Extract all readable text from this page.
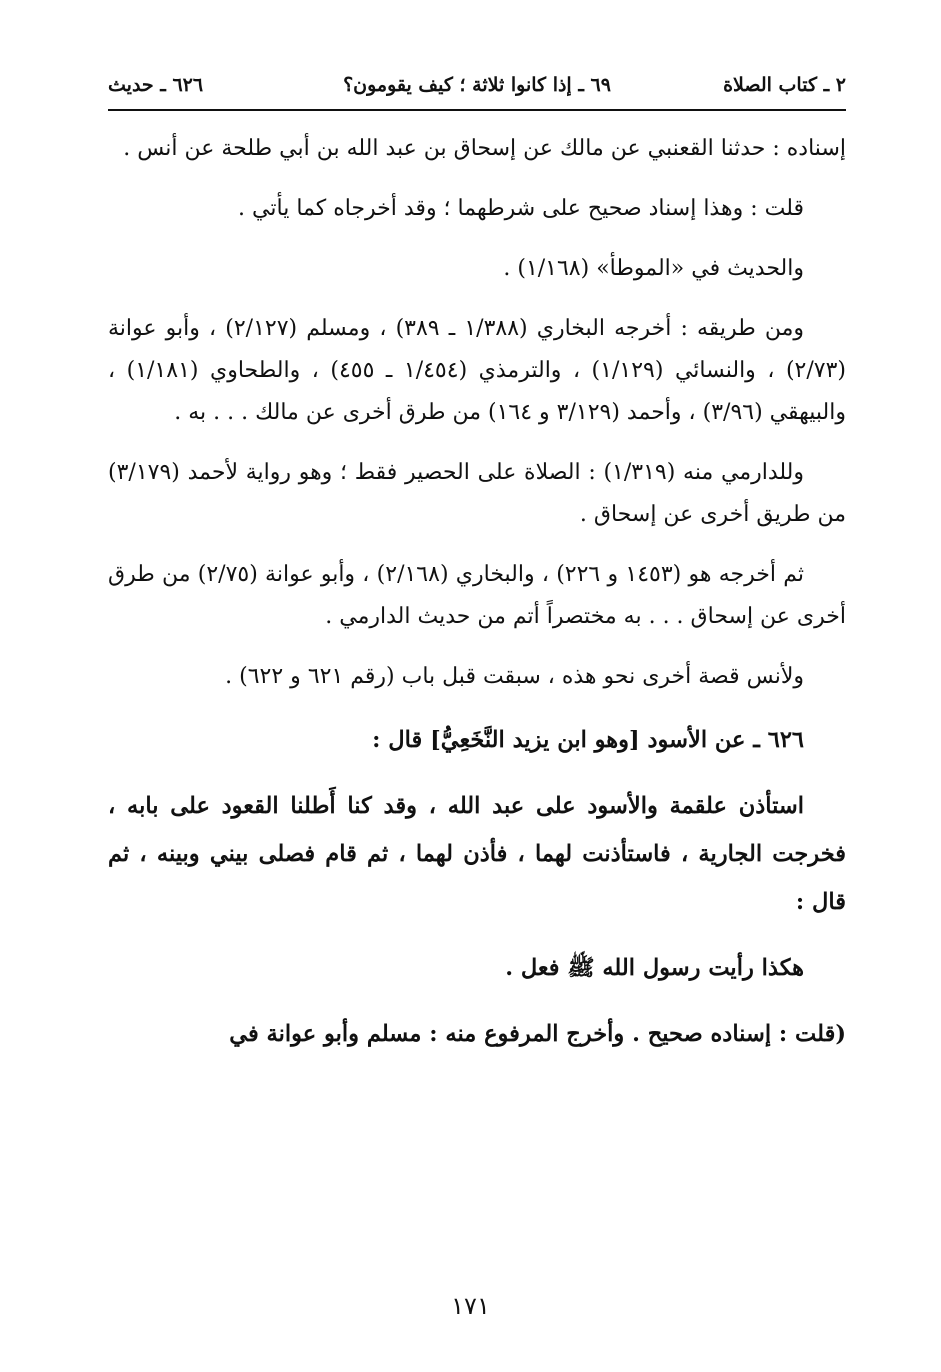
٢ ـ كتاب الصلاة
٦٩ ـ إذا كانوا ثلاثة ؛ كيف يقومون؟
٦٢٦ ـ حديث

إسناده : حدثنا القعنبي عن مالك عن إسحاق بن عبد الله بن أبي طلحة عن أنس .

قلت : وهذا إسناد صحيح على شرطهما ؛ وقد أخرجاه كما يأتي .

والحديث في «الموطأ» (١/١٦٨) .

ومن طريقه : أخرجه البخاري (١/٣٨٨ ـ ٣٨٩) ، ومسلم (٢/١٢٧) ، وأبو عوانة (٢/٧٣) ، والنسائي (١/١٢٩) ، والترمذي (١/٤٥٤ ـ ٤٥٥) ، والطحاوي (١/١٨١) ، والبيهقي (٣/٩٦) ، وأحمد (٣/١٢٩ و ١٦٤) من طرق أخرى عن مالك . . . به .

وللدارمي منه (١/٣١٩) : الصلاة على الحصير فقط ؛ وهو رواية لأحمد (٣/١٧٩) من طريق أخرى عن إسحاق .

ثم أخرجه هو (١٤٥٣ و ٢٢٦) ، والبخاري (٢/١٦٨) ، وأبو عوانة (٢/٧٥) من طرق أخرى عن إسحاق . . . به مختصراً أتم من حديث الدارمي .

ولأنس قصة أخرى نحو هذه ، سبقت قبل باب (رقم ٦٢١ و ٦٢٢) .

٦٢٦ ـ عن الأسود [وهو ابن يزيد النَّخَعِيُّ] قال :

استأذن علقمة والأسود على عبد الله ، وقد كنا أَطلنا القعود على بابه ، فخرجت الجارية ، فاستأذنت لهما ، فأذن لهما ، ثم قام فصلى بيني وبينه ، ثم قال :

هكذا رأيت رسول الله ﷺ فعل .

(قلت : إسناده صحيح . وأخرج المرفوع منه : مسلم وأبو عوانة في

١٧١
